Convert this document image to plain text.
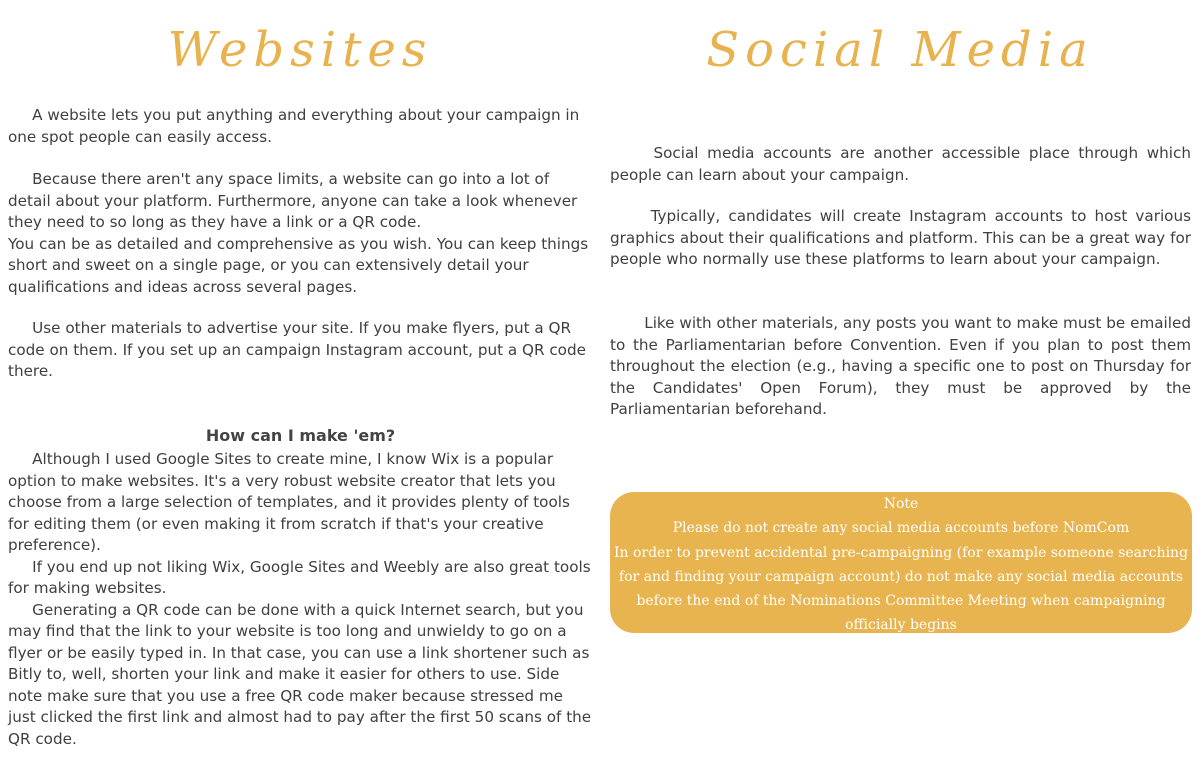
Websites	Social Media

A website lets you put anything and everything about your campaign in one spot people can easily access.

Because there aren't any space limits, a website can go into a lot of detail about your platform. Furthermore, anyone can take a look whenever they need to so long as they have a link or a QR code.
You can be as detailed and comprehensive as you wish. You can keep things short and sweet on a single page, or you can extensively detail your qualifications and ideas across several pages.

Use other materials to advertise your site. If you make flyers, put a QR code on them. If you set up an campaign Instagram account, put a QR code there.

How can I make 'em?

Although I used Google Sites to create mine, I know Wix is a popular option to make websites. It's a very robust website creator that lets you choose from a large selection of templates, and it provides plenty of tools for editing them (or even making it from scratch if that's your creative preference).
If you end up not liking Wix, Google Sites and Weebly are also great tools for making websites.
Generating a QR code can be done with a quick Internet search, but you may find that the link to your website is too long and unwieldy to go on a flyer or be easily typed in. In that case, you can use a link shortener such as Bitly to, well, shorten your link and make it easier for others to use. Side note make sure that you use a free QR code maker because stressed me just clicked the first link and almost had to pay after the first 50 scans of the QR code.

Social media accounts are another accessible place through which people can learn about your campaign.

Typically, candidates will create Instagram accounts to host various graphics about their qualifications and platform. This can be a great way for people who normally use these platforms to learn about your campaign.

Like with other materials, any posts you want to make must be emailed to the Parliamentarian before Convention. Even if you plan to post them throughout the election (e.g., having a specific one to post on Thursday for the Candidates' Open Forum), they must be approved by the Parliamentarian beforehand.

Note
Please do not create any social media accounts before NomCom
In order to prevent accidental pre-campaigning (for example someone searching for and finding your campaign account) do not make any social media accounts before the end of the Nominations Committee Meeting when campaigning officially begins
